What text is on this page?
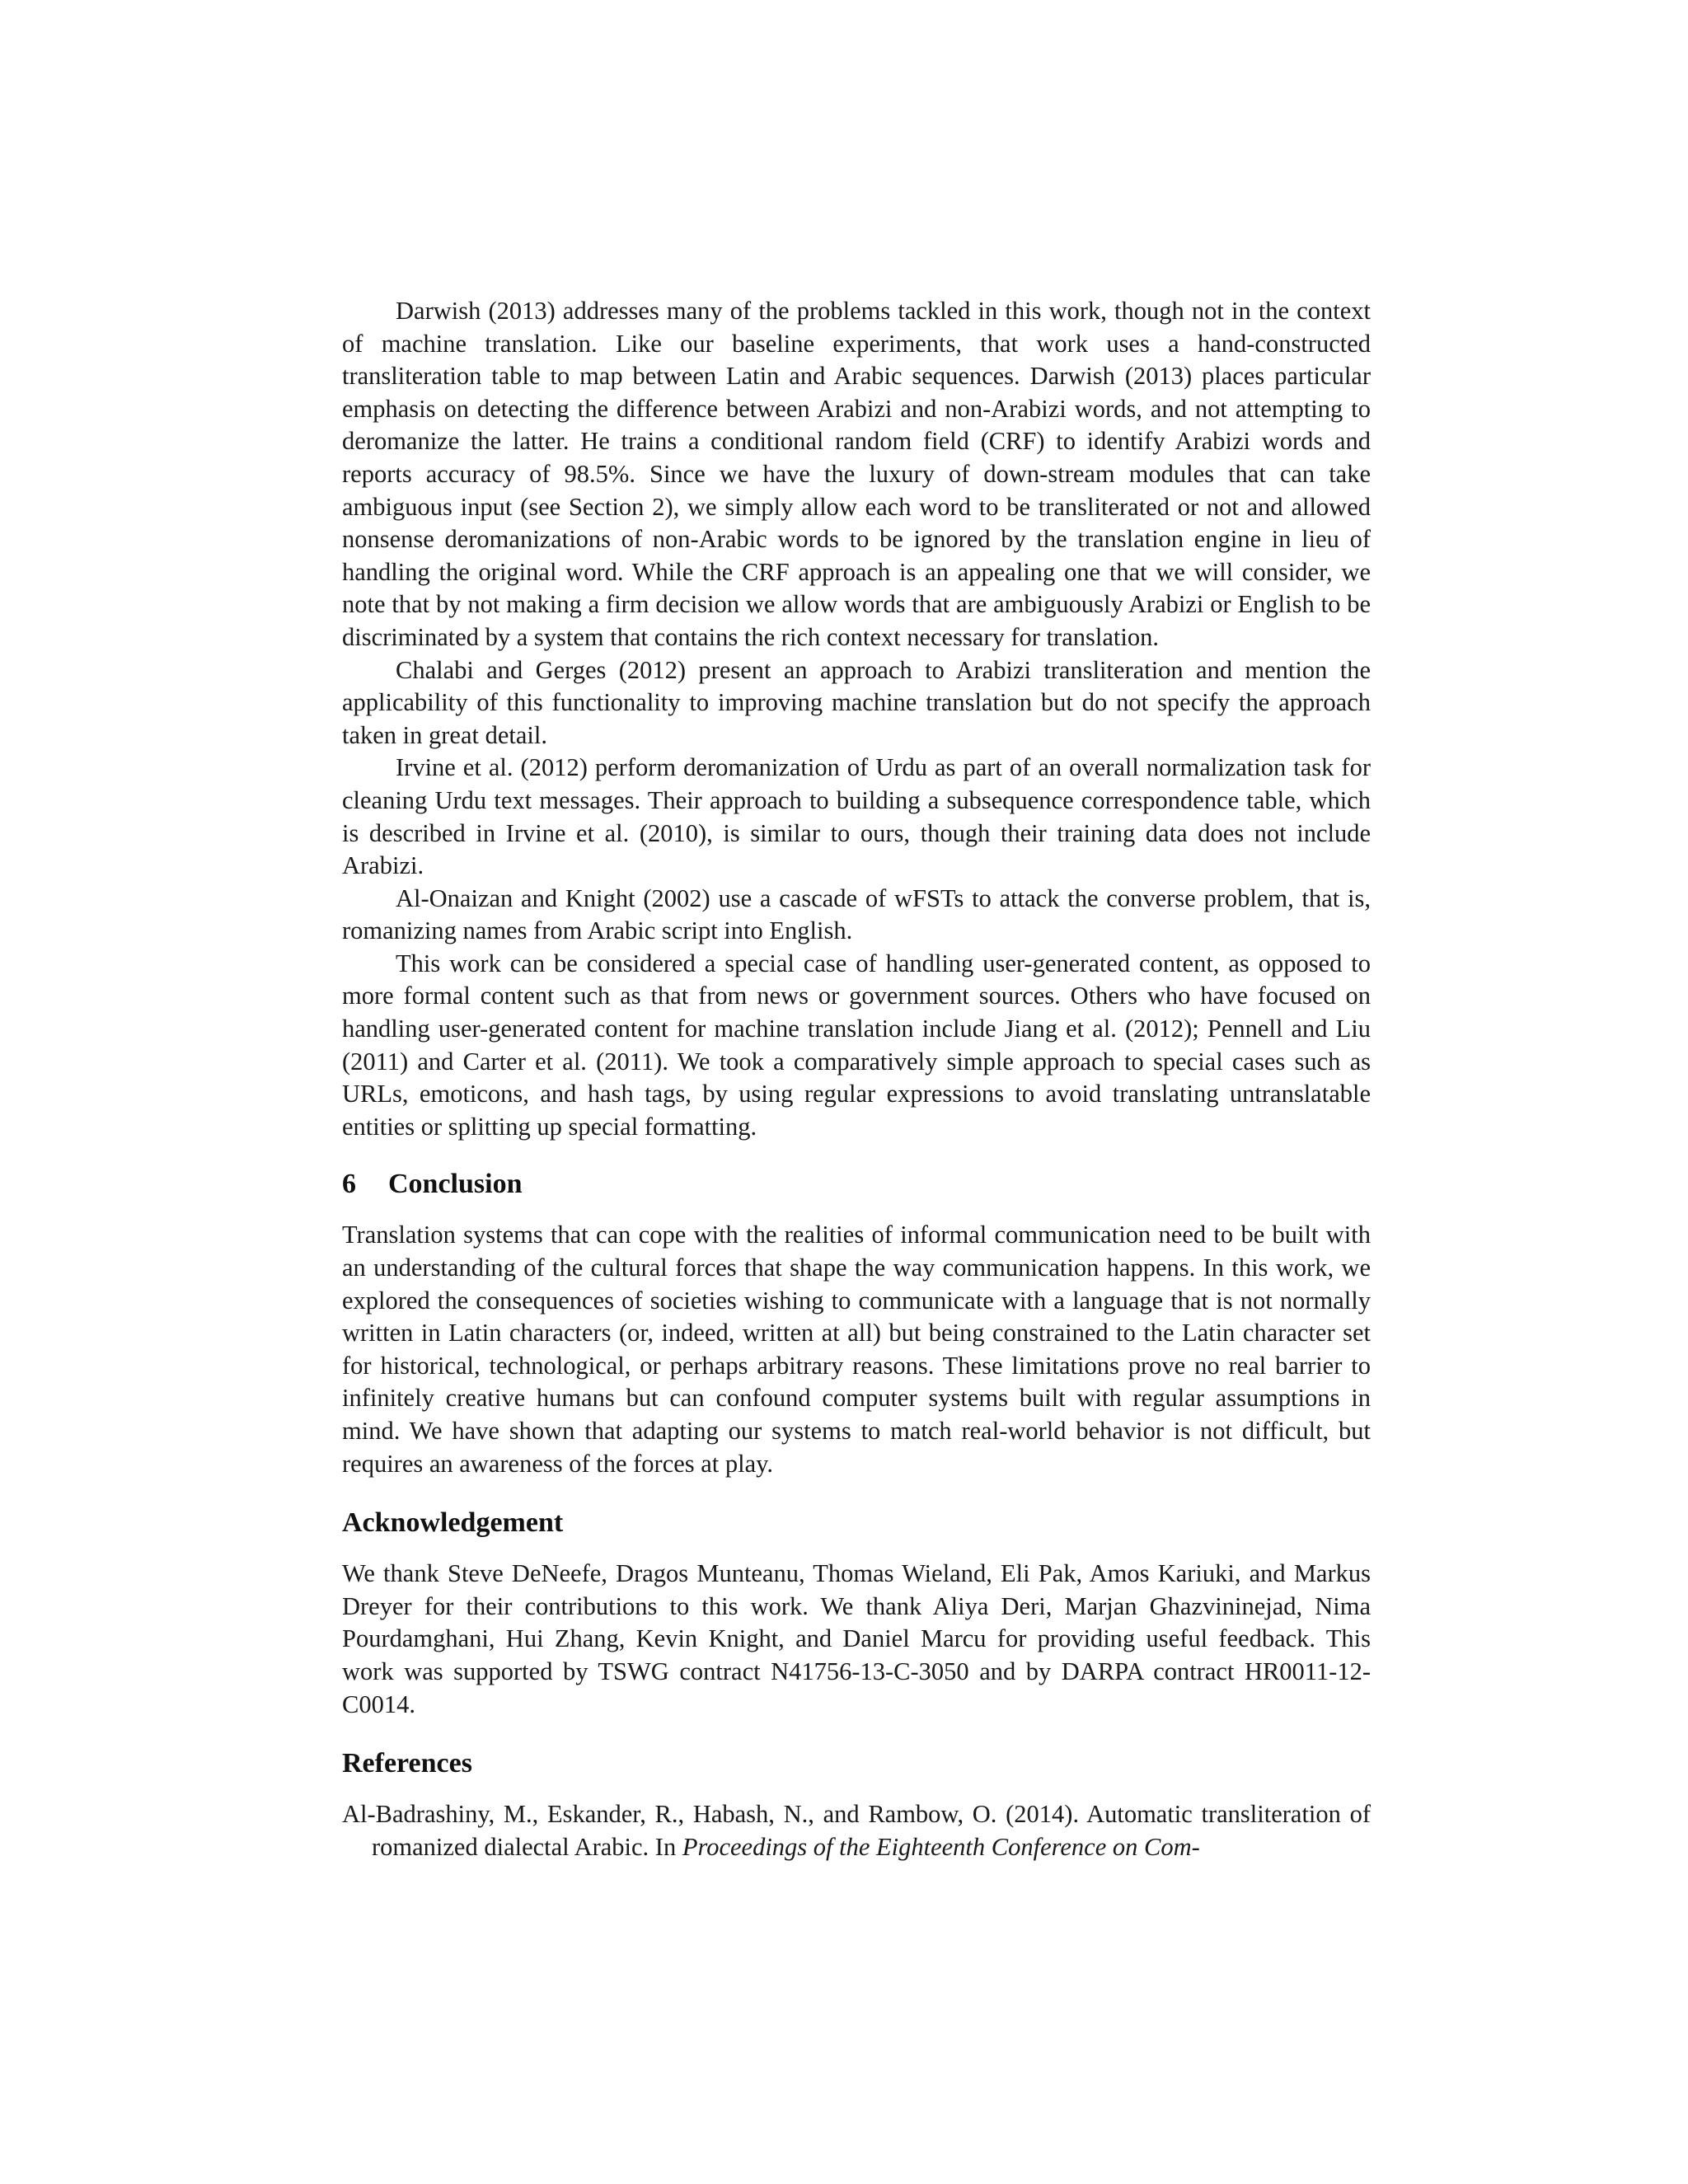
Darwish (2013) addresses many of the problems tackled in this work, though not in the context of machine translation. Like our baseline experiments, that work uses a hand-constructed transliteration table to map between Latin and Arabic sequences. Darwish (2013) places particular emphasis on detecting the difference between Arabizi and non-Arabizi words, and not attempting to deromanize the latter. He trains a conditional random field (CRF) to identify Arabizi words and reports accuracy of 98.5%. Since we have the luxury of down-stream modules that can take ambiguous input (see Section 2), we simply allow each word to be transliterated or not and allowed nonsense deromanizations of non-Arabic words to be ignored by the translation engine in lieu of handling the original word. While the CRF approach is an appealing one that we will consider, we note that by not making a firm decision we allow words that are ambiguously Arabizi or English to be discriminated by a system that contains the rich context necessary for translation.

Chalabi and Gerges (2012) present an approach to Arabizi transliteration and mention the applicability of this functionality to improving machine translation but do not specify the approach taken in great detail.

Irvine et al. (2012) perform deromanization of Urdu as part of an overall normalization task for cleaning Urdu text messages. Their approach to building a subsequence correspondence table, which is described in Irvine et al. (2010), is similar to ours, though their training data does not include Arabizi.

Al-Onaizan and Knight (2002) use a cascade of wFSTs to attack the converse problem, that is, romanizing names from Arabic script into English.

This work can be considered a special case of handling user-generated content, as opposed to more formal content such as that from news or government sources. Others who have focused on handling user-generated content for machine translation include Jiang et al. (2012); Pennell and Liu (2011) and Carter et al. (2011). We took a comparatively simple approach to special cases such as URLs, emoticons, and hash tags, by using regular expressions to avoid translating untranslatable entities or splitting up special formatting.

6 Conclusion

Translation systems that can cope with the realities of informal communication need to be built with an understanding of the cultural forces that shape the way communication happens. In this work, we explored the consequences of societies wishing to communicate with a language that is not normally written in Latin characters (or, indeed, written at all) but being constrained to the Latin character set for historical, technological, or perhaps arbitrary reasons. These limitations prove no real barrier to infinitely creative humans but can confound computer systems built with regular assumptions in mind. We have shown that adapting our systems to match real-world behavior is not difficult, but requires an awareness of the forces at play.

Acknowledgement

We thank Steve DeNeefe, Dragos Munteanu, Thomas Wieland, Eli Pak, Amos Kariuki, and Markus Dreyer for their contributions to this work. We thank Aliya Deri, Marjan Ghazvininejad, Nima Pourdamghani, Hui Zhang, Kevin Knight, and Daniel Marcu for providing useful feedback. This work was supported by TSWG contract N41756-13-C-3050 and by DARPA contract HR0011-12-C0014.

References
Al-Badrashiny, M., Eskander, R., Habash, N., and Rambow, O. (2014). Automatic transliteration of romanized dialectal Arabic. In Proceedings of the Eighteenth Conference on Com-
